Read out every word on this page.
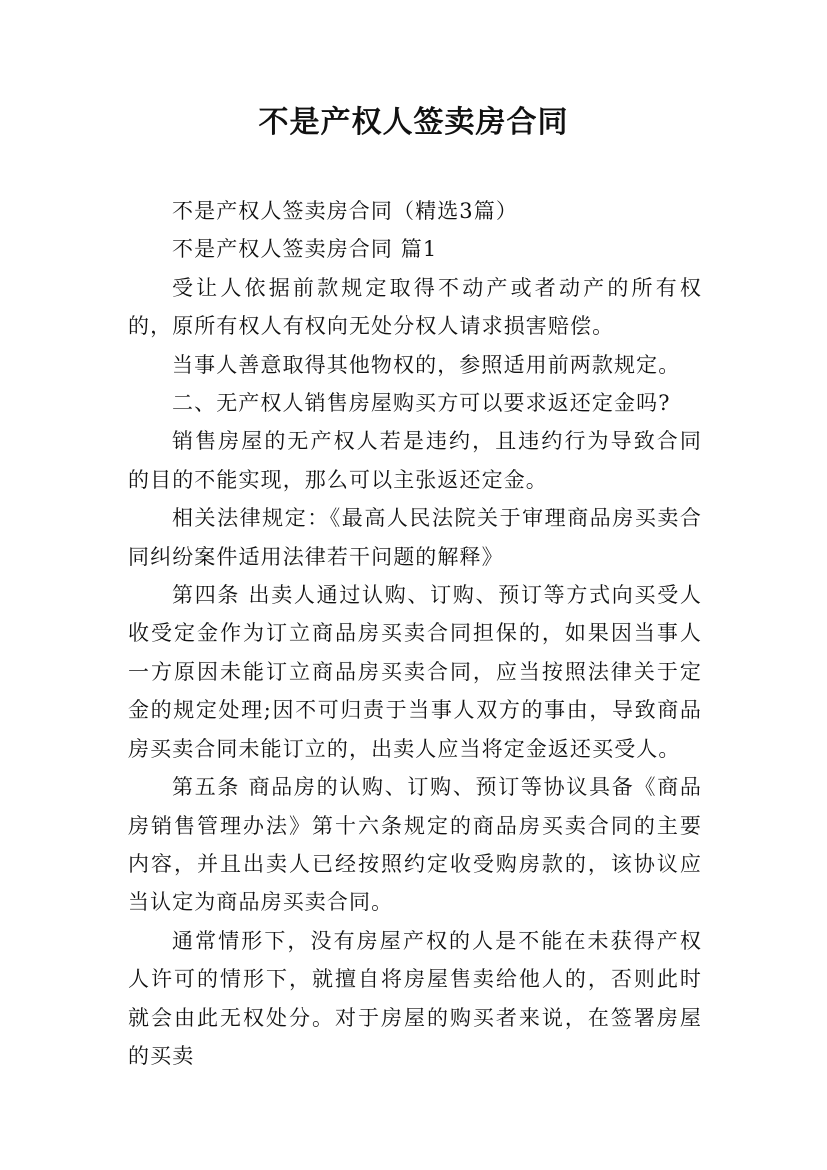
不是产权人签卖房合同

不是产权人签卖房合同（精选3篇）

不是产权人签卖房合同 篇1

受让人依据前款规定取得不动产或者动产的所有权的，原所有权人有权向无处分权人请求损害赔偿。

当事人善意取得其他物权的，参照适用前两款规定。

二、无产权人销售房屋购买方可以要求返还定金吗?

销售房屋的无产权人若是违约，且违约行为导致合同的目的不能实现，那么可以主张返还定金。

相关法律规定：《最高人民法院关于审理商品房买卖合同纠纷案件适用法律若干问题的解释》

第四条 出卖人通过认购、订购、预订等方式向买受人收受定金作为订立商品房买卖合同担保的，如果因当事人一方原因未能订立商品房买卖合同，应当按照法律关于定金的规定处理;因不可归责于当事人双方的事由，导致商品房买卖合同未能订立的，出卖人应当将定金返还买受人。

第五条 商品房的认购、订购、预订等协议具备《商品房销售管理办法》第十六条规定的商品房买卖合同的主要内容，并且出卖人已经按照约定收受购房款的，该协议应当认定为商品房买卖合同。

通常情形下，没有房屋产权的人是不能在未获得产权人许可的情形下，就擅自将房屋售卖给他人的，否则此时就会由此无权处分。对于房屋的购买者来说，在签署房屋的买卖
